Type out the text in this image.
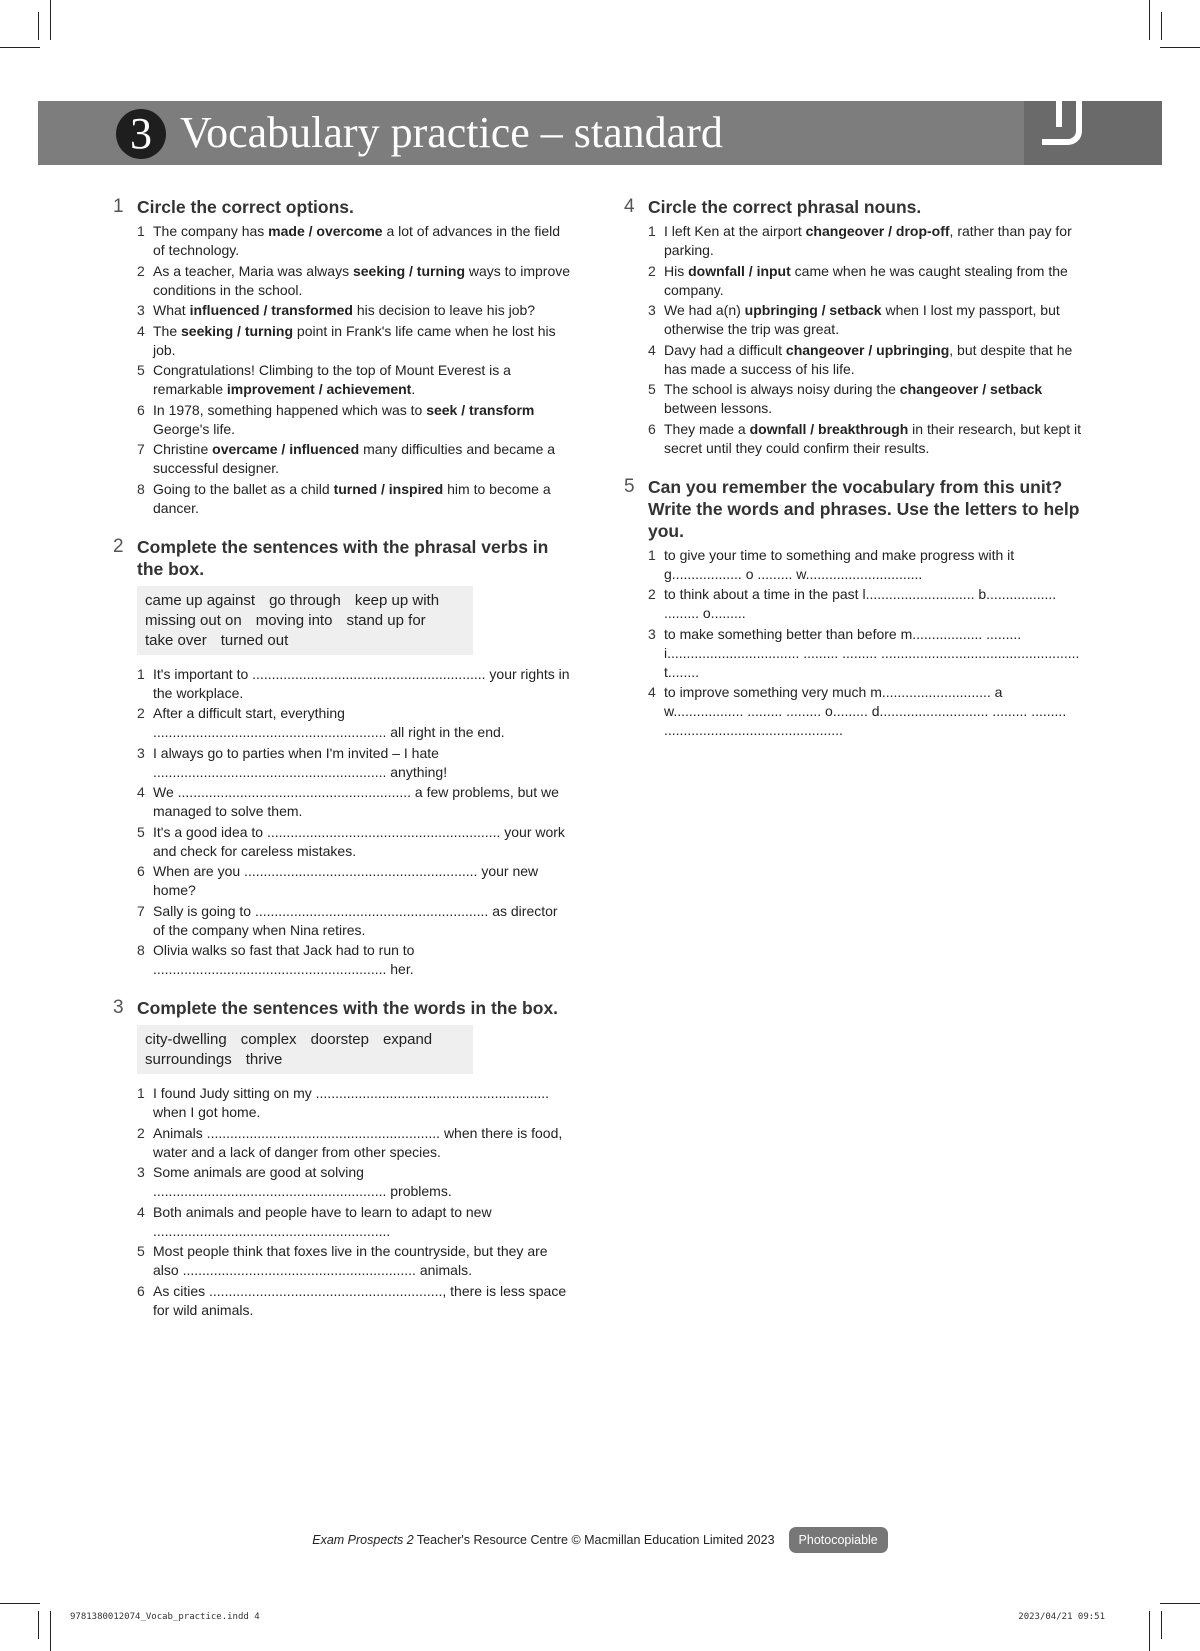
3 Vocabulary practice – standard
1 Circle the correct options.
1 The company has made / overcome a lot of advances in the field of technology.
2 As a teacher, Maria was always seeking / turning ways to improve conditions in the school.
3 What influenced / transformed his decision to leave his job?
4 The seeking / turning point in Frank's life came when he lost his job.
5 Congratulations! Climbing to the top of Mount Everest is a remarkable improvement / achievement.
6 In 1978, something happened which was to seek / transform George's life.
7 Christine overcame / influenced many difficulties and became a successful designer.
8 Going to the ballet as a child turned / inspired him to become a dancer.
2 Complete the sentences with the phrasal verbs in the box.
came up against go through keep up withmissing out on moving into stand up fortake over turned out
1 It's important to ............................................................ your rights in the workplace.
2 After a difficult start, everything ............................................................ all right in the end.
3 I always go to parties when I'm invited – I hate ............................................................ anything!
4 We ............................................................ a few problems, but we managed to solve them.
5 It's a good idea to ............................................................ your work and check for careless mistakes.
6 When are you ............................................................ your new home?
7 Sally is going to ............................................................ as director of the company when Nina retires.
8 Olivia walks so fast that Jack had to run to ............................................................ her.
3 Complete the sentences with the words in the box.
city-dwelling complex doorstep expandsurroundings thrive
1 I found Judy sitting on my ............................................................ when I got home.
2 Animals ............................................................ when there is food, water and a lack of danger from other species.
3 Some animals are good at solving ............................................................ problems.
4 Both animals and people have to learn to adapt to new .............................................................
5 Most people think that foxes live in the countryside, but they are also ............................................................ animals.
6 As cities ............................................................, there is less space for wild animals.
4 Circle the correct phrasal nouns.
1 I left Ken at the airport changeover / drop-off, rather than pay for parking.
2 His downfall / input came when he was caught stealing from the company.
3 We had a(n) upbringing / setback when I lost my passport, but otherwise the trip was great.
4 Davy had a difficult changeover / upbringing, but despite that he has made a success of his life.
5 The school is always noisy during the changeover / setback between lessons.
6 They made a downfall / breakthrough in their research, but kept it secret until they could confirm their results.
5 Can you remember the vocabulary from this unit? Write the words and phrases. Use the letters to help you.
1 to give your time to something and make progress with it g.................. o ......... w..............................
2 to think about a time in the past l............................ b.................. ......... o.........
3 to make something better than before m.................. ......... i.................................. ......... ......... ................................................... t........
4 to improve something very much m............................ a w.................. ......... ......... o......... d............................ ......... ......... ..............................................
Exam Prospects 2 Teacher's Resource Centre © Macmillan Education Limited 2023	Photocopiable
9781380012074_Vocab_practice.indd 4	2023/04/21 09:51
